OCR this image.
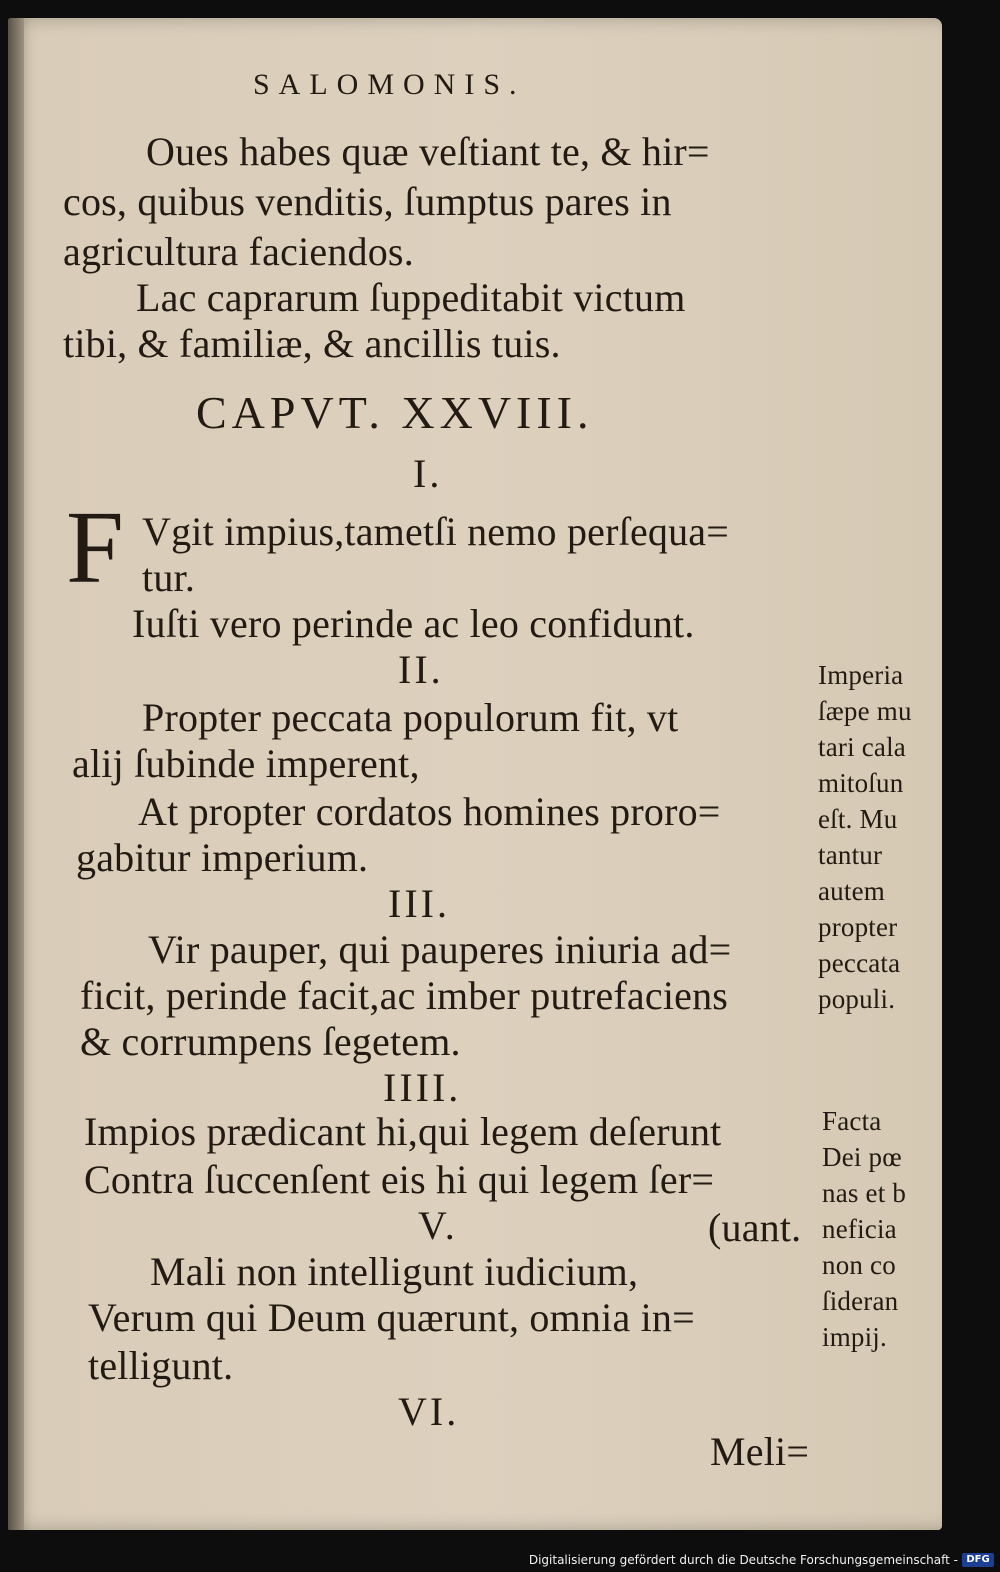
SALOMONIS.

Oues habes quæ veſtiant te, & hir=

cos, quibus venditis, ſumptus pares in

agricultura faciendos.

Lac caprarum ſuppeditabit victum

tibi, & familiæ, & ancillis tuis.

CAPVT. XXVIII.

I.

F Vgit impius,tametſi nemo perſequa=

tur.

Iuſti vero perinde ac leo confidunt.

II.

Propter peccata populorum fit, vt

alij ſubinde imperent,

At propter cordatos homines proro=

gabitur imperium.

III.

Vir pauper, qui pauperes iniuria ad=

ficit, perinde facit,ac imber putrefaciens

& corrumpens ſegetem.

IIII.

Impios prædicant hi,qui legem deſerunt

Contra ſuccenſent eis hi qui legem ſer=

(uant.

V.

Mali non intelligunt iudicium,

Verum qui Deum quærunt, omnia in=

telligunt.

VI.

Meli=

Imperia

ſæpe mu

tari cala

mitoſun

eſt. Mu

tantur

autem

propter

peccata

populi.

Facta

Dei pœ

nas et b

neficia

non co

ſideran

impij.

Digitalisierung gefördert durch die Deutsche Forschungsgemeinschaft - DFG
